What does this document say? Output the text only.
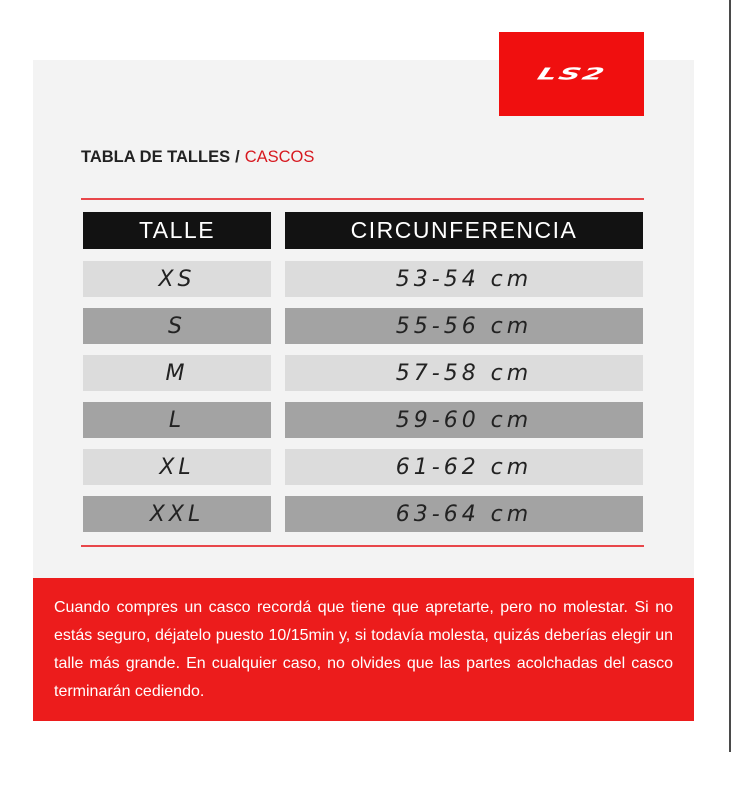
LS2
TABLA DE TALLES / CASCOS
TALLE	CIRCUNFERENCIA
XS	53-54 cm
S	55-56 cm
M	57-58 cm
L	59-60 cm
XL	61-62 cm
XXL	63-64 cm
Cuando compres un casco recordá que tiene que apretarte, pero no molestar. Si no estás seguro, déjatelo puesto 10/15min y, si todavía molesta, quizás deberías elegir un talle más grande. En cualquier caso, no olvides que las partes acolchadas del casco terminarán cediendo.
